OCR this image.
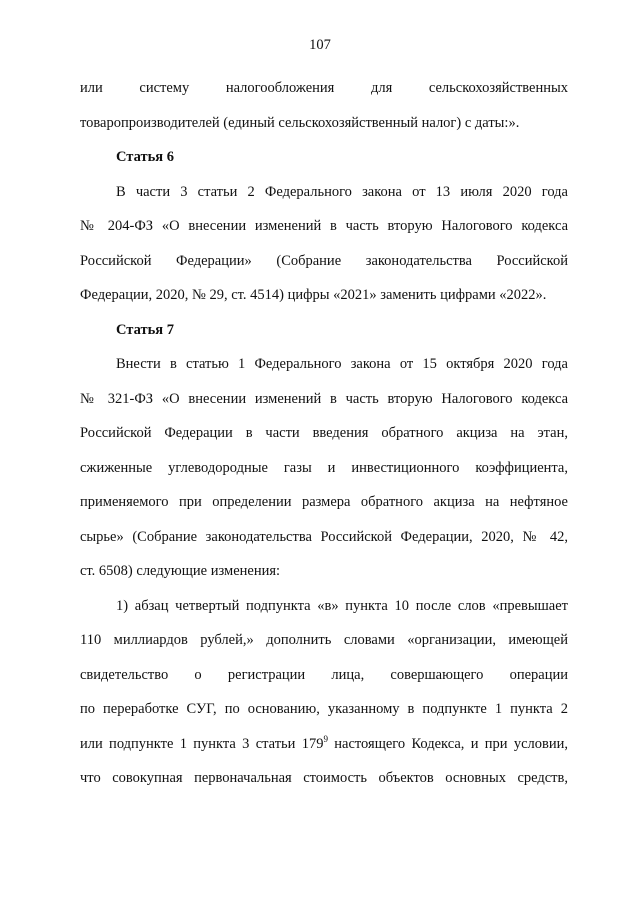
107
или систему налогообложения для сельскохозяйственных
товаропроизводителей (единый сельскохозяйственный налог) с даты:».
Статья 6
В части 3 статьи 2 Федерального закона от 13 июля 2020 года
№ 204-ФЗ «О внесении изменений в часть вторую Налогового кодекса
Российской Федерации» (Собрание законодательства Российской
Федерации, 2020, № 29, ст. 4514) цифры «2021» заменить цифрами «2022».
Статья 7
Внести в статью 1 Федерального закона от 15 октября 2020 года
№ 321-ФЗ «О внесении изменений в часть вторую Налогового кодекса
Российской Федерации в части введения обратного акциза на этан,
сжиженные углеводородные газы и инвестиционного коэффициента,
применяемого при определении размера обратного акциза на нефтяное
сырье» (Собрание законодательства Российской Федерации, 2020, № 42,
ст. 6508) следующие изменения:
1) абзац четвертый подпункта «в» пункта 10 после слов «превышает
110 миллиардов рублей,» дополнить словами «организации, имеющей
свидетельство о регистрации лица, совершающего операции
по переработке СУГ, по основанию, указанному в подпункте 1 пункта 2
или подпункте 1 пункта 3 статьи $179^9$ настоящего Кодекса, и при условии,
что совокупная первоначальная стоимость объектов основных средств,
